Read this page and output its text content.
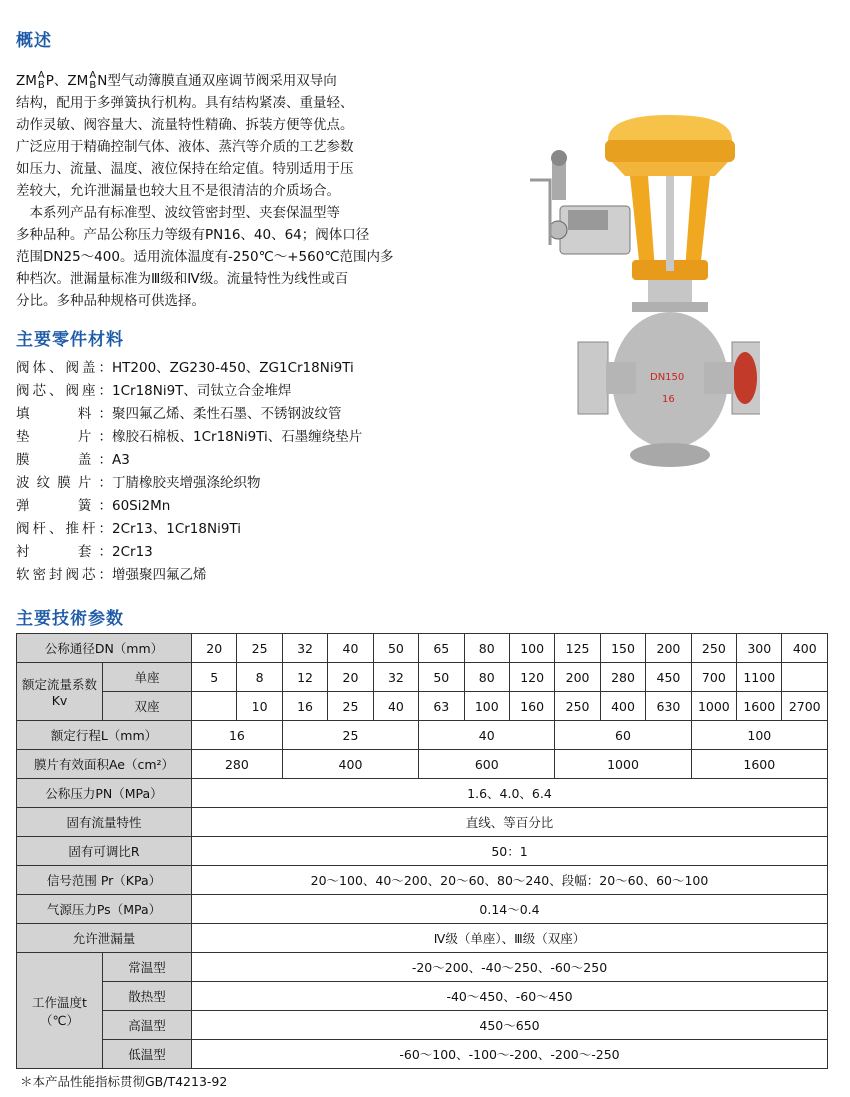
概述
ZM A
B P、ZM A
B N型气动簿膜直通双座调节阀采用双导向
结构，配用于多弹簧执行机构。具有结构紧凑、重量轻、
动作灵敏、阀容量大、流量特性精确、拆装方便等优点。
广泛应用于精确控制气体、液体、蒸汽等介质的工艺参数
如压力、流量、温度、液位保持在给定值。特别适用于压
差较大，允许泄漏量也较大且不是很清洁的介质场合。
　本系列产品有标准型、波纹管密封型、夹套保温型等
多种品种。产品公称压力等级有PN16、40、64；阀体口径
范围DN25～400。适用流体温度有-250℃～+560℃范围内多
种档次。泄漏量标准为Ⅲ级和Ⅳ级。流量特性为线性或百
分比。多种品种规格可供选择。
DN150
16
主要零件材料
阀体、阀盖： HT200、ZG230-450、ZG1Cr18Ni9Ti
阀芯、阀座： 1Cr18Ni9T、司钛立合金堆焊
填　　料： 聚四氟乙烯、柔性石墨、不锈钢波纹管
垫　　片： 橡胶石棉板、1Cr18Ni9Ti、石墨缠绕垫片
膜　　盖： A3
波纹膜片： 丁腈橡胶夹增强涤纶织物
弹　　簧： 60Si2Mn
阀杆、推杆： 2Cr13、1Cr18Ni9Ti
衬　　套： 2Cr13
软密封阀芯： 增强聚四氟乙烯
主要技術参数
公称通径DN（mm）		20	25	32	40	50	65	80	100	125	150	200	250	300	400
额定流量系数Kv	单座	5	8	12	20	32	50	80	120	200	280	450	700	1100	
	双座		10	16	25	40	63	100	160	250	400	630	1000	1600	2700
额定行程L（mm）		16		25			40			60			100		
膜片有效面积Ae（cm²）		280		400			600			1000			1600		
公称压力PN（MPa）		1.6、4.0、6.4													
固有流量特性		直线、等百分比													
固有可调比R		50：1													
信号范围 Pr（KPa）		20～100、40～200、20～60、80～240、段幅：20～60、60～100													
气源压力Ps（MPa）		0.14～0.4													
允许泄漏量		Ⅳ级（单座）、Ⅲ级（双座）													
工作温度t（℃）	常温型	-20～200、-40～250、-60～250													
	散热型	-40～450、-60～450													
	高温型	450～650													
	低温型	-60～100、-100～-200、-200～-250													
＊本产品性能指标贯彻GB/T4213-92
